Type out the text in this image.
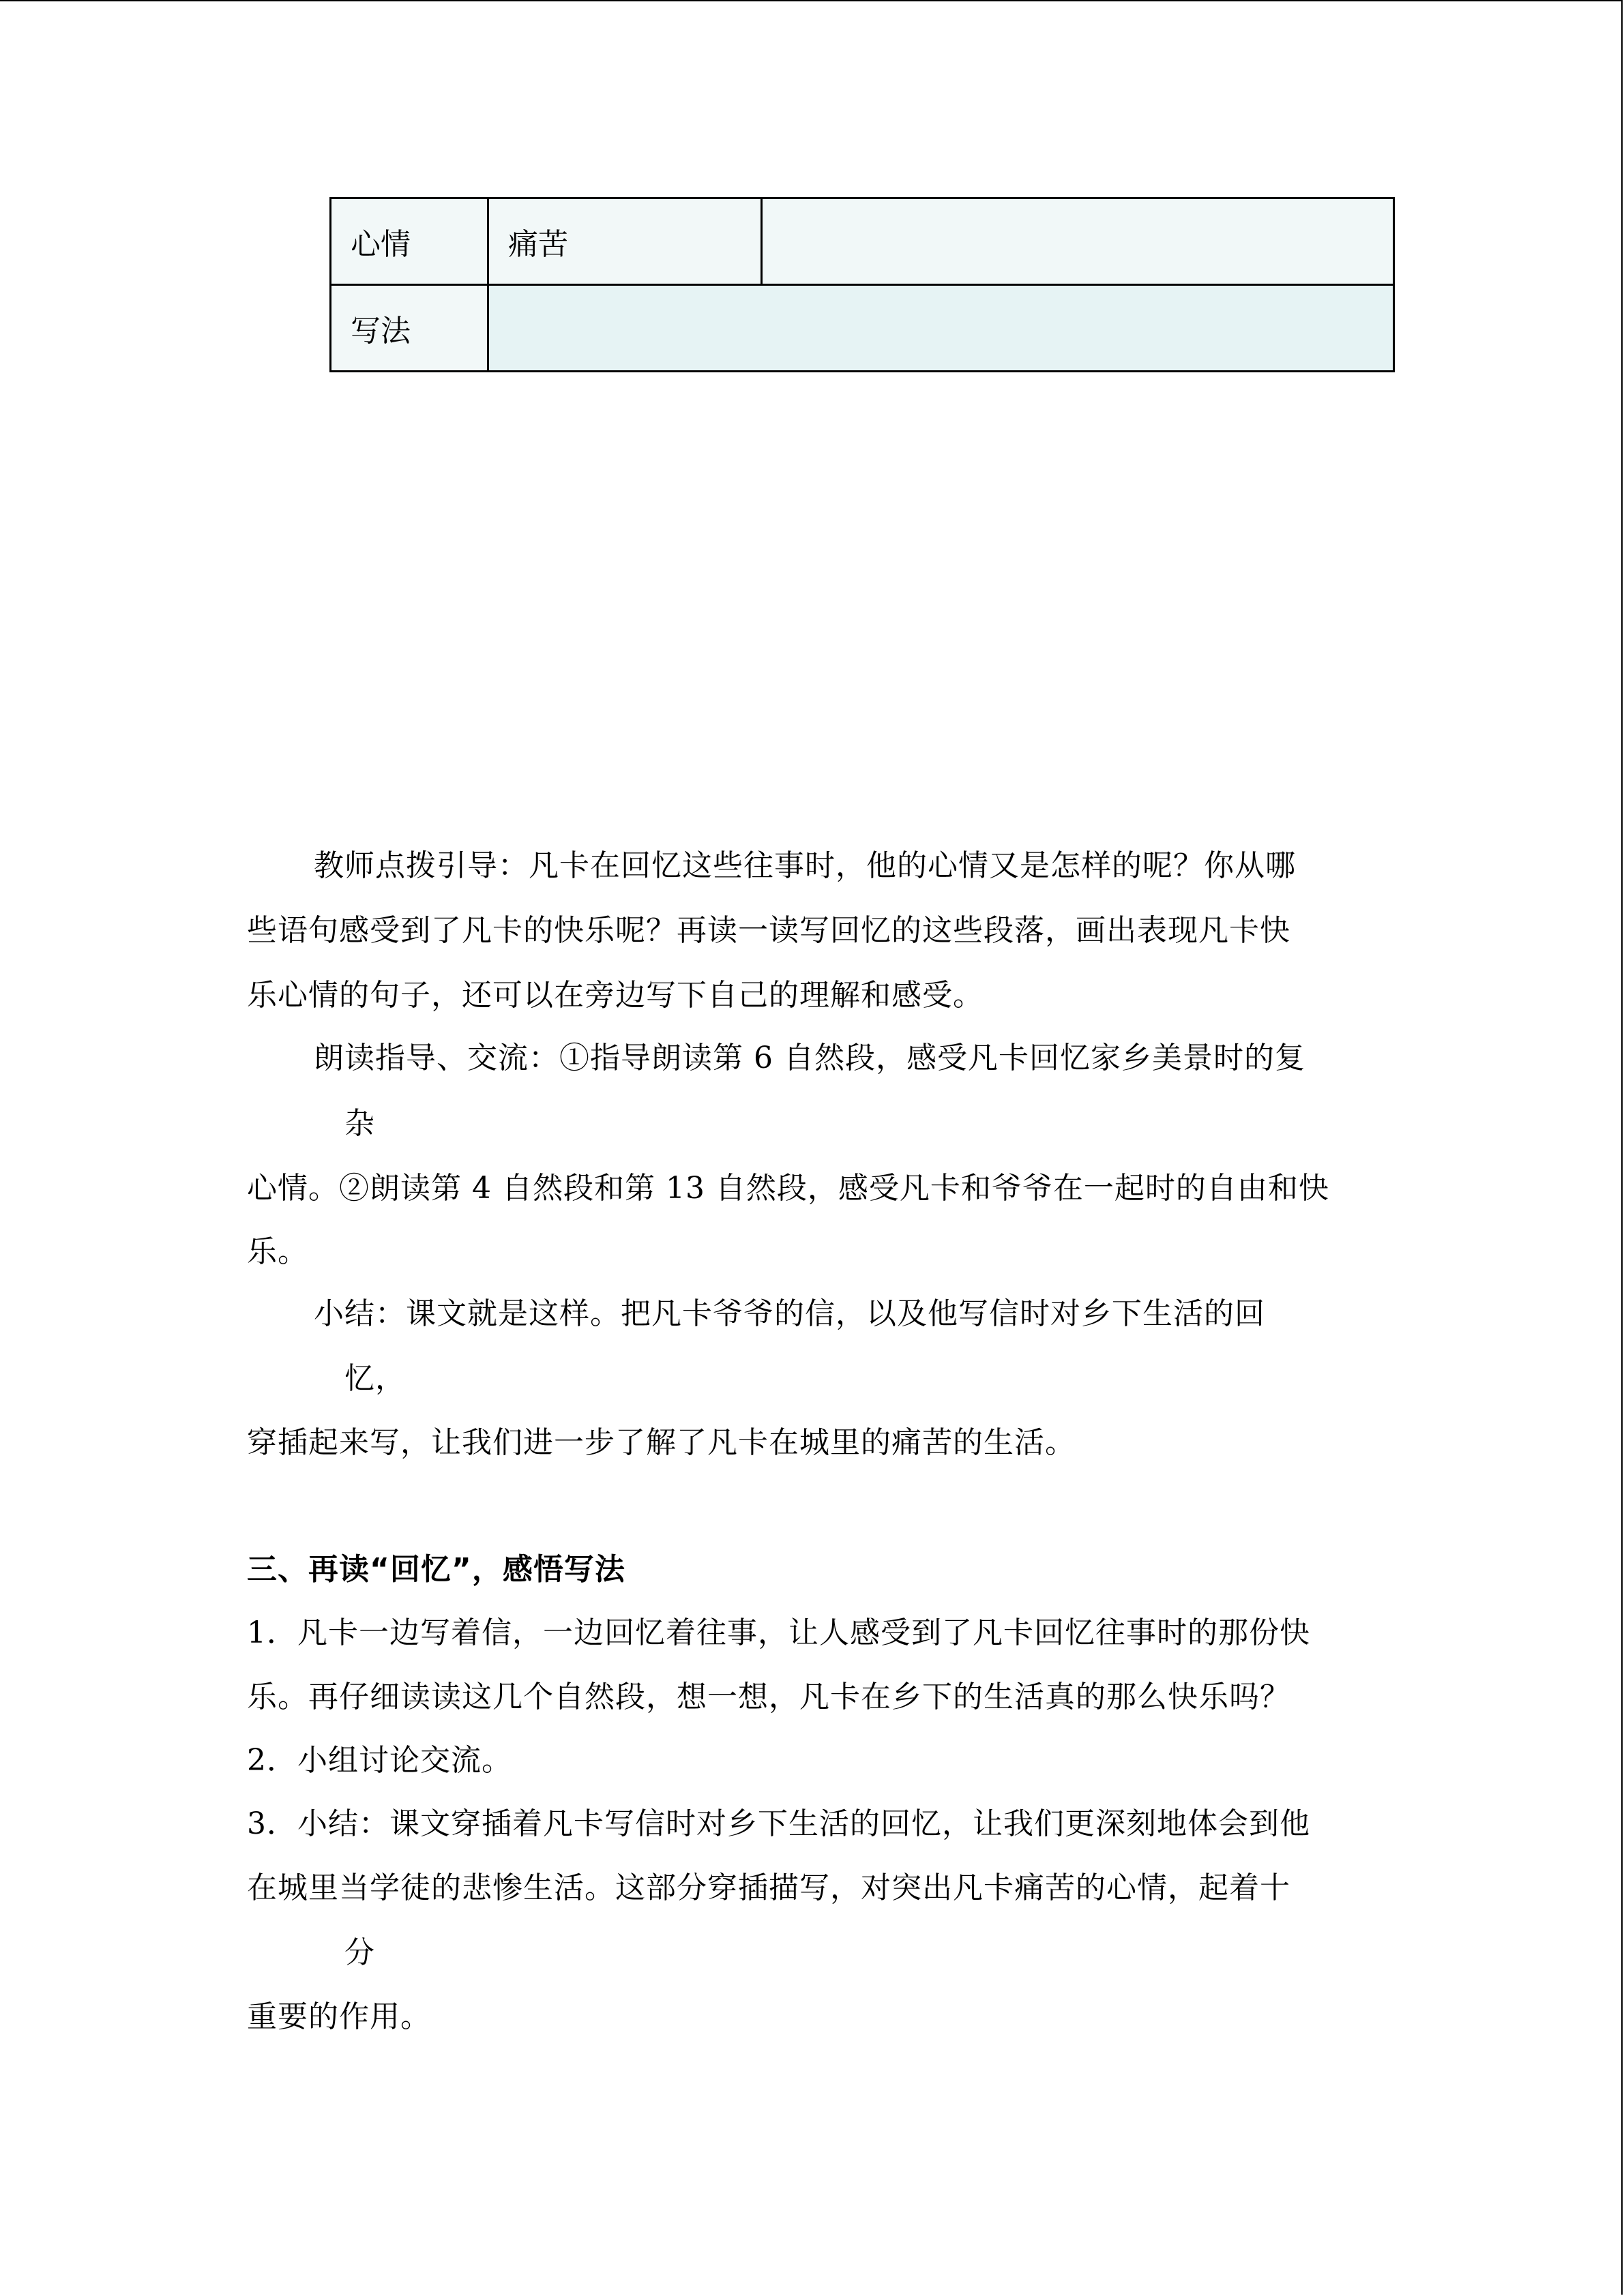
心情	痛苦	
写法		
教师点拨引导：凡卡在回忆这些往事时，他的心情又是怎样的呢？你从哪
些语句感受到了凡卡的快乐呢？再读一读写回忆的这些段落，画出表现凡卡快
乐心情的句子，还可以在旁边写下自己的理解和感受。
朗读指导、交流：①指导朗读第 6 自然段，感受凡卡回忆家乡美景时的复
杂
心情。②朗读第 4 自然段和第 13 自然段，感受凡卡和爷爷在一起时的自由和快
乐。
小结：课文就是这样。把凡卡爷爷的信，以及他写信时对乡下生活的回
忆，
穿插起来写，让我们进一步了解了凡卡在城里的痛苦的生活。
三、再读“回忆”，感悟写法
1．凡卡一边写着信，一边回忆着往事，让人感受到了凡卡回忆往事时的那份快
乐。再仔细读读这几个自然段，想一想，凡卡在乡下的生活真的那么快乐吗？
2．小组讨论交流。
3．小结：课文穿插着凡卡写信时对乡下生活的回忆，让我们更深刻地体会到他
在城里当学徒的悲惨生活。这部分穿插描写，对突出凡卡痛苦的心情，起着十
分
重要的作用。
